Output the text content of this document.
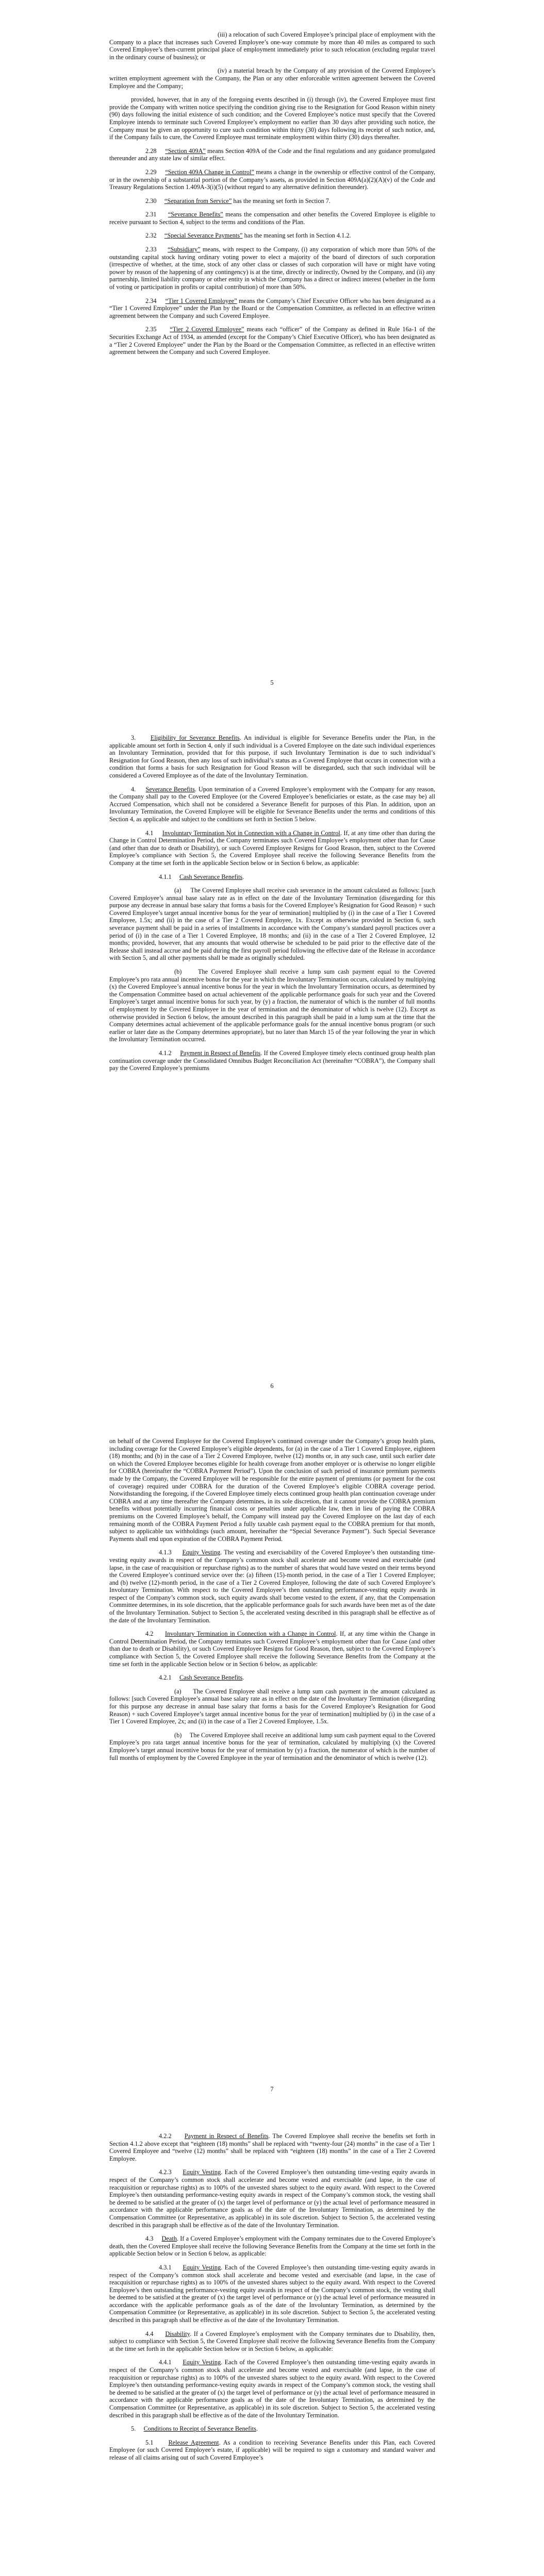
(iii) a relocation of such Covered Employee’s principal place of employment with the Company to a place that increases such Covered Employee’s one-way commute by more than 40 miles as compared to such Covered Employee’s then-current principal place of employment immediately prior to such relocation (excluding regular travel in the ordinary course of business); or

(iv) a material breach by the Company of any provision of the Covered Employee’s written employment agreement with the Company, the Plan or any other enforceable written agreement between the Covered Employee and the Company;

provided, however, that in any of the foregoing events described in (i) through (iv), the Covered Employee must first provide the Company with written notice specifying the condition giving rise to the Resignation for Good Reason within ninety (90) days following the initial existence of such condition; and the Covered Employee’s notice must specify that the Covered Employee intends to terminate such Covered Employee’s employment no earlier than 30 days after providing such notice, the Company must be given an opportunity to cure such condition within thirty (30) days following its receipt of such notice, and, if the Company fails to cure, the Covered Employee must terminate employment within thirty (30) days thereafter.

2.28 “Section 409A” means Section 409A of the Code and the final regulations and any guidance promulgated thereunder and any state law of similar effect.

2.29 “Section 409A Change in Control” means a change in the ownership or effective control of the Company, or in the ownership of a substantial portion of the Company’s assets, as provided in Section 409A(a)(2)(A)(v) of the Code and Treasury Regulations Section 1.409A-3(i)(5) (without regard to any alternative definition thereunder).

2.30 “Separation from Service” has the meaning set forth in Section 7.

2.31 “Severance Benefits” means the compensation and other benefits the Covered Employee is eligible to receive pursuant to Section 4, subject to the terms and conditions of the Plan.

2.32 “Special Severance Payments” has the meaning set forth in Section 4.1.2.

2.33 “Subsidiary” means, with respect to the Company, (i) any corporation of which more than 50% of the outstanding capital stock having ordinary voting power to elect a majority of the board of directors of such corporation (irrespective of whether, at the time, stock of any other class or classes of such corporation will have or might have voting power by reason of the happening of any contingency) is at the time, directly or indirectly, Owned by the Company, and (ii) any partnership, limited liability company or other entity in which the Company has a direct or indirect interest (whether in the form of voting or participation in profits or capital contribution) of more than 50%.

2.34 “Tier 1 Covered Employee” means the Company’s Chief Executive Officer who has been designated as a “Tier 1 Covered Employee” under the Plan by the Board or the Compensation Committee, as reflected in an effective written agreement between the Company and such Covered Employee.

2.35 “Tier 2 Covered Employee” means each “officer” of the Company as defined in Rule 16a-1 of the Securities Exchange Act of 1934, as amended (except for the Company’s Chief Executive Officer), who has been designated as a “Tier 2 Covered Employee” under the Plan by the Board or the Compensation Committee, as reflected in an effective written agreement between the Company and such Covered Employee.

5

3. Eligibility for Severance Benefits. An individual is eligible for Severance Benefits under the Plan, in the applicable amount set forth in Section 4, only if such individual is a Covered Employee on the date such individual experiences an Involuntary Termination, provided that for this purpose, if such Involuntary Termination is due to such individual’s Resignation for Good Reason, then any loss of such individual’s status as a Covered Employee that occurs in connection with a condition that forms a basis for such Resignation for Good Reason will be disregarded, such that such individual will be considered a Covered Employee as of the date of the Involuntary Termination.

4. Severance Benefits. Upon termination of a Covered Employee’s employment with the Company for any reason, the Company shall pay to the Covered Employee (or the Covered Employee’s beneficiaries or estate, as the case may be) all Accrued Compensation, which shall not be considered a Severance Benefit for purposes of this Plan. In addition, upon an Involuntary Termination, the Covered Employee will be eligible for Severance Benefits under the terms and conditions of this Section 4, as applicable and subject to the conditions set forth in Section 5 below.

4.1 Involuntary Termination Not in Connection with a Change in Control. If, at any time other than during the Change in Control Determination Period, the Company terminates such Covered Employee’s employment other than for Cause (and other than due to death or Disability), or such Covered Employee Resigns for Good Reason, then, subject to the Covered Employee’s compliance with Section 5, the Covered Employee shall receive the following Severance Benefits from the Company at the time set forth in the applicable Section below or in Section 6 below, as applicable:

4.1.1 Cash Severance Benefits.

(a) The Covered Employee shall receive cash severance in the amount calculated as follows: [such Covered Employee’s annual base salary rate as in effect on the date of the Involuntary Termination (disregarding for this purpose any decrease in annual base salary that forms a basis for the Covered Employee’s Resignation for Good Reason) + such Covered Employee’s target annual incentive bonus for the year of termination] multiplied by (i) in the case of a Tier 1 Covered Employee, 1.5x; and (ii) in the case of a Tier 2 Covered Employee, 1x. Except as otherwise provided in Section 6, such severance payment shall be paid in a series of installments in accordance with the Company’s standard payroll practices over a period of (i) in the case of a Tier 1 Covered Employee, 18 months; and (ii) in the case of a Tier 2 Covered Employee, 12 months; provided, however, that any amounts that would otherwise be scheduled to be paid prior to the effective date of the Release shall instead accrue and be paid during the first payroll period following the effective date of the Release in accordance with Section 5, and all other payments shall be made as originally scheduled.

(b)	The Covered Employee shall receive a lump sum cash payment equal to the Covered Employee’s pro rata annual incentive bonus for the year in which the Involuntary Termination occurs, calculated by multiplying (x) the Covered Employee’s annual incentive bonus for the year in which the Involuntary Termination occurs, as determined by the Compensation Committee based on actual achievement of the applicable performance goals for such year and the Covered Employee’s target annual incentive bonus for such year, by (y) a fraction, the numerator of which is the number of full months of employment by the Covered Employee in the year of termination and the denominator of which is twelve (12). Except as otherwise provided in Section 6 below, the amount described in this paragraph shall be paid in a lump sum at the time that the Company determines actual achievement of the applicable performance goals for the annual incentive bonus program (or such earlier or later date as the Company determines appropriate), but no later than March 15 of the year following the year in which the Involuntary Termination occurred.

4.1.2 Payment in Respect of Benefits. If the Covered Employee timely elects continued group health plan continuation coverage under the Consolidated Omnibus Budget Reconciliation Act (hereinafter “COBRA”), the Company shall pay the Covered Employee’s premiums

6

on behalf of the Covered Employee for the Covered Employee’s continued coverage under the Company’s group health plans, including coverage for the Covered Employee’s eligible dependents, for (a) in the case of a Tier 1 Covered Employee, eighteen (18) months; and (b) in the case of a Tier 2 Covered Employee, twelve (12) months or, in any such case, until such earlier date on which the Covered Employee becomes eligible for health coverage from another employer or is otherwise no longer eligible for COBRA (hereinafter the “COBRA Payment Period”). Upon the conclusion of such period of insurance premium payments made by the Company, the Covered Employee will be responsible for the entire payment of premiums (or payment for the cost of coverage) required under COBRA for the duration of the Covered Employee’s eligible COBRA coverage period. Notwithstanding the foregoing, if the Covered Employee timely elects continued group health plan continuation coverage under COBRA and at any time thereafter the Company determines, in its sole discretion, that it cannot provide the COBRA premium benefits without potentially incurring financial costs or penalties under applicable law, then in lieu of paying the COBRA premiums on the Covered Employee’s behalf, the Company will instead pay the Covered Employee on the last day of each remaining month of the COBRA Payment Period a fully taxable cash payment equal to the COBRA premium for that month, subject to applicable tax withholdings (such amount, hereinafter the “Special Severance Payment”). Such Special Severance Payments shall end upon expiration of the COBRA Payment Period.

4.1.3 Equity Vesting. The vesting and exercisability of the Covered Employee’s then outstanding time-vesting equity awards in respect of the Company’s common stock shall accelerate and become vested and exercisable (and lapse, in the case of reacquisition or repurchase rights) as to the number of shares that would have vested on their terms beyond the Covered Employee’s continued service over the: (a) fifteen (15)-month period, in the case of a Tier 1 Covered Employee; and (b) twelve (12)-month period, in the case of a Tier 2 Covered Employee, following the date of such Covered Employee’s Involuntary Termination. With respect to the Covered Employee’s then outstanding performance-vesting equity awards in respect of the Company’s common stock, such equity awards shall become vested to the extent, if any, that the Compensation Committee determines, in its sole discretion, that the applicable performance goals for such awards have been met as of the date of the Involuntary Termination. Subject to Section 5, the accelerated vesting described in this paragraph shall be effective as of the date of the Involuntary Termination.

4.2 Involuntary Termination in Connection with a Change in Control. If, at any time within the Change in Control Determination Period, the Company terminates such Covered Employee’s employment other than for Cause (and other than due to death or Disability), or such Covered Employee Resigns for Good Reason, then, subject to the Covered Employee’s compliance with Section 5, the Covered Employee shall receive the following Severance Benefits from the Company at the time set forth in the applicable Section below or in Section 6 below, as applicable:

4.2.1 Cash Severance Benefits.

(a) The Covered Employee shall receive a lump sum cash payment in the amount calculated as follows: [such Covered Employee’s annual base salary rate as in effect on the date of the Involuntary Termination (disregarding for this purpose any decrease in annual base salary that forms a basis for the Covered Employee’s Resignation for Good Reason) + such Covered Employee’s target annual incentive bonus for the year of termination] multiplied by (i) in the case of a Tier 1 Covered Employee, 2x; and (ii) in the case of a Tier 2 Covered Employee, 1.5x.

(b) The Covered Employee shall receive an additional lump sum cash payment equal to the Covered Employee’s pro rata target annual incentive bonus for the year of termination, calculated by multiplying (x) the Covered Employee’s target annual incentive bonus for the year of termination by (y) a fraction, the numerator of which is the number of full months of employment by the Covered Employee in the year of termination and the denominator of which is twelve (12).

7

4.2.2 Payment in Respect of Benefits. The Covered Employee shall receive the benefits set forth in Section 4.1.2 above except that “eighteen (18) months” shall be replaced with “twenty-four (24) months” in the case of a Tier 1 Covered Employee and “twelve (12) months” shall be replaced with “eighteen (18) months” in the case of a Tier 2 Covered Employee.

4.2.3 Equity Vesting. Each of the Covered Employee’s then outstanding time-vesting equity awards in respect of the Company’s common stock shall accelerate and become vested and exercisable (and lapse, in the case of reacquisition or repurchase rights) as to 100% of the unvested shares subject to the equity award. With respect to the Covered Employee’s then outstanding performance-vesting equity awards in respect of the Company’s common stock, the vesting shall be deemed to be satisfied at the greater of (x) the target level of performance or (y) the actual level of performance measured in accordance with the applicable performance goals as of the date of the Involuntary Termination, as determined by the Compensation Committee (or Representative, as applicable) in its sole discretion. Subject to Section 5, the accelerated vesting described in this paragraph shall be effective as of the date of the Involuntary Termination.

4.3 Death. If a Covered Employee’s employment with the Company terminates due to the Covered Employee’s death, then the Covered Employee shall receive the following Severance Benefits from the Company at the time set forth in the applicable Section below or in Section 6 below, as applicable:

4.3.1 Equity Vesting. Each of the Covered Employee’s then outstanding time-vesting equity awards in respect of the Company’s common stock shall accelerate and become vested and exercisable (and lapse, in the case of reacquisition or repurchase rights) as to 100% of the unvested shares subject to the equity award. With respect to the Covered Employee’s then outstanding performance-vesting equity awards in respect of the Company’s common stock, the vesting shall be deemed to be satisfied at the greater of (x) the target level of performance or (y) the actual level of performance measured in accordance with the applicable performance goals as of the date of the Involuntary Termination, as determined by the Compensation Committee (or Representative, as applicable) in its sole discretion. Subject to Section 5, the accelerated vesting described in this paragraph shall be effective as of the date of the Involuntary Termination.

4.4 Disability. If a Covered Employee’s employment with the Company terminates due to Disability, then, subject to compliance with Section 5, the Covered Employee shall receive the following Severance Benefits from the Company at the time set forth in the applicable Section below or in Section 6 below, as applicable:

4.4.1 Equity Vesting. Each of the Covered Employee’s then outstanding time-vesting equity awards in respect of the Company’s common stock shall accelerate and become vested and exercisable (and lapse, in the case of reacquisition or repurchase rights) as to 100% of the unvested shares subject to the equity award. With respect to the Covered Employee’s then outstanding performance-vesting equity awards in respect of the Company’s common stock, the vesting shall be deemed to be satisfied at the greater of (x) the target level of performance or (y) the actual level of performance measured in accordance with the applicable performance goals as of the date of the Involuntary Termination, as determined by the Compensation Committee (or Representative, as applicable) in its sole discretion. Subject to Section 5, the accelerated vesting described in this paragraph shall be effective as of the date of the Involuntary Termination.

5. Conditions to Receipt of Severance Benefits.

5.1 Release Agreement. As a condition to receiving Severance Benefits under this Plan, each Covered Employee (or such Covered Employee’s estate, if applicable) will be required to sign a customary and standard waiver and release of all claims arising out of such Covered Employee’s
